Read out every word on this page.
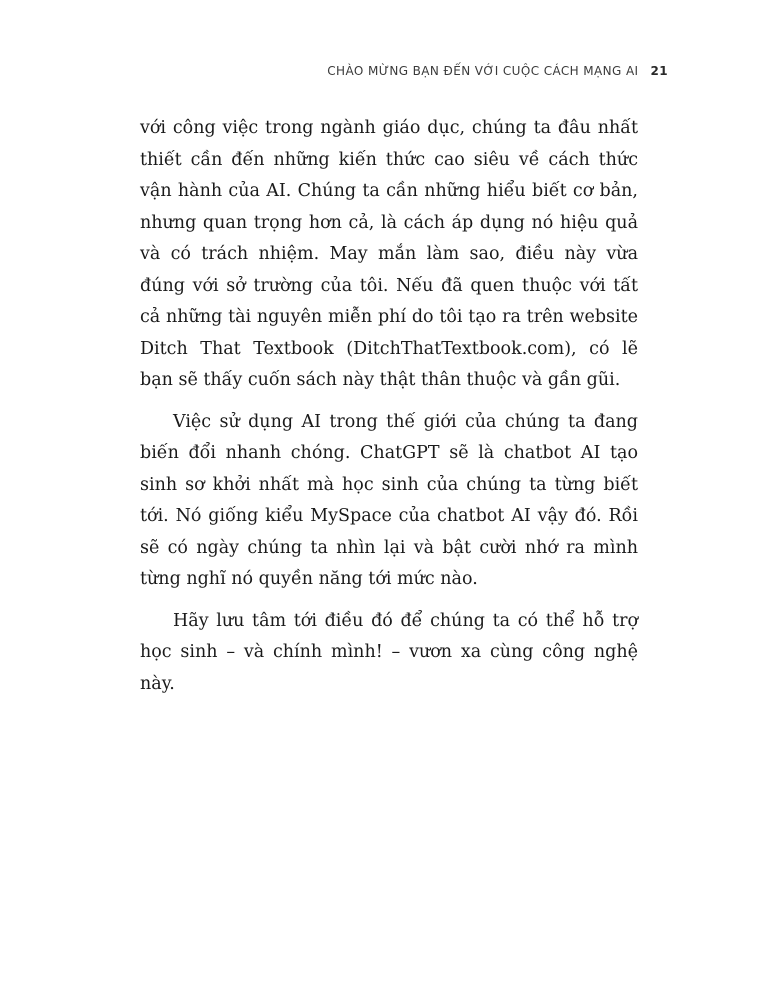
CHÀO MỪNG BẠN ĐẾN VỚI CUỘC CÁCH MẠNG AI 21

với công việc trong ngành giáo dục, chúng ta đâu nhất thiết cần đến những kiến thức cao siêu về cách thức vận hành của AI. Chúng ta cần những hiểu biết cơ bản, nhưng quan trọng hơn cả, là cách áp dụng nó hiệu quả và có trách nhiệm. May mắn làm sao, điều này vừa đúng với sở trường của tôi. Nếu đã quen thuộc với tất cả những tài nguyên miễn phí do tôi tạo ra trên website Ditch That Textbook (DitchThatTextbook.com), có lẽ bạn sẽ thấy cuốn sách này thật thân thuộc và gần gũi.

Việc sử dụng AI trong thế giới của chúng ta đang biến đổi nhanh chóng. ChatGPT sẽ là chatbot AI tạo sinh sơ khởi nhất mà học sinh của chúng ta từng biết tới. Nó giống kiểu MySpace của chatbot AI vậy đó. Rồi sẽ có ngày chúng ta nhìn lại và bật cười nhớ ra mình từng nghĩ nó quyền năng tới mức nào.

Hãy lưu tâm tới điều đó để chúng ta có thể hỗ trợ học sinh – và chính mình! – vươn xa cùng công nghệ này.
